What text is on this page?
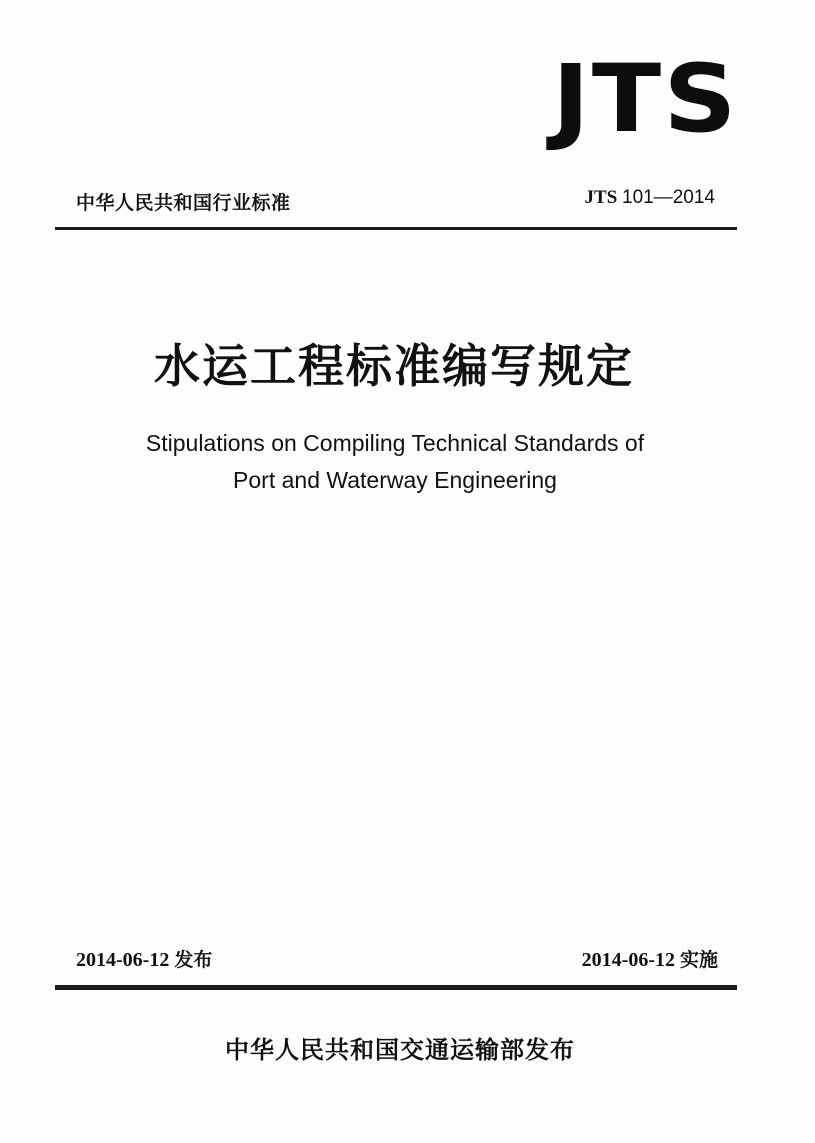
JTS
中华人民共和国行业标准	JTS 101—2014
水运工程标准编写规定
Stipulations on Compiling Technical Standards of
Port and Waterway Engineering
2014-06-12 发布	2014-06-12 实施
中华人民共和国交通运输部发布
